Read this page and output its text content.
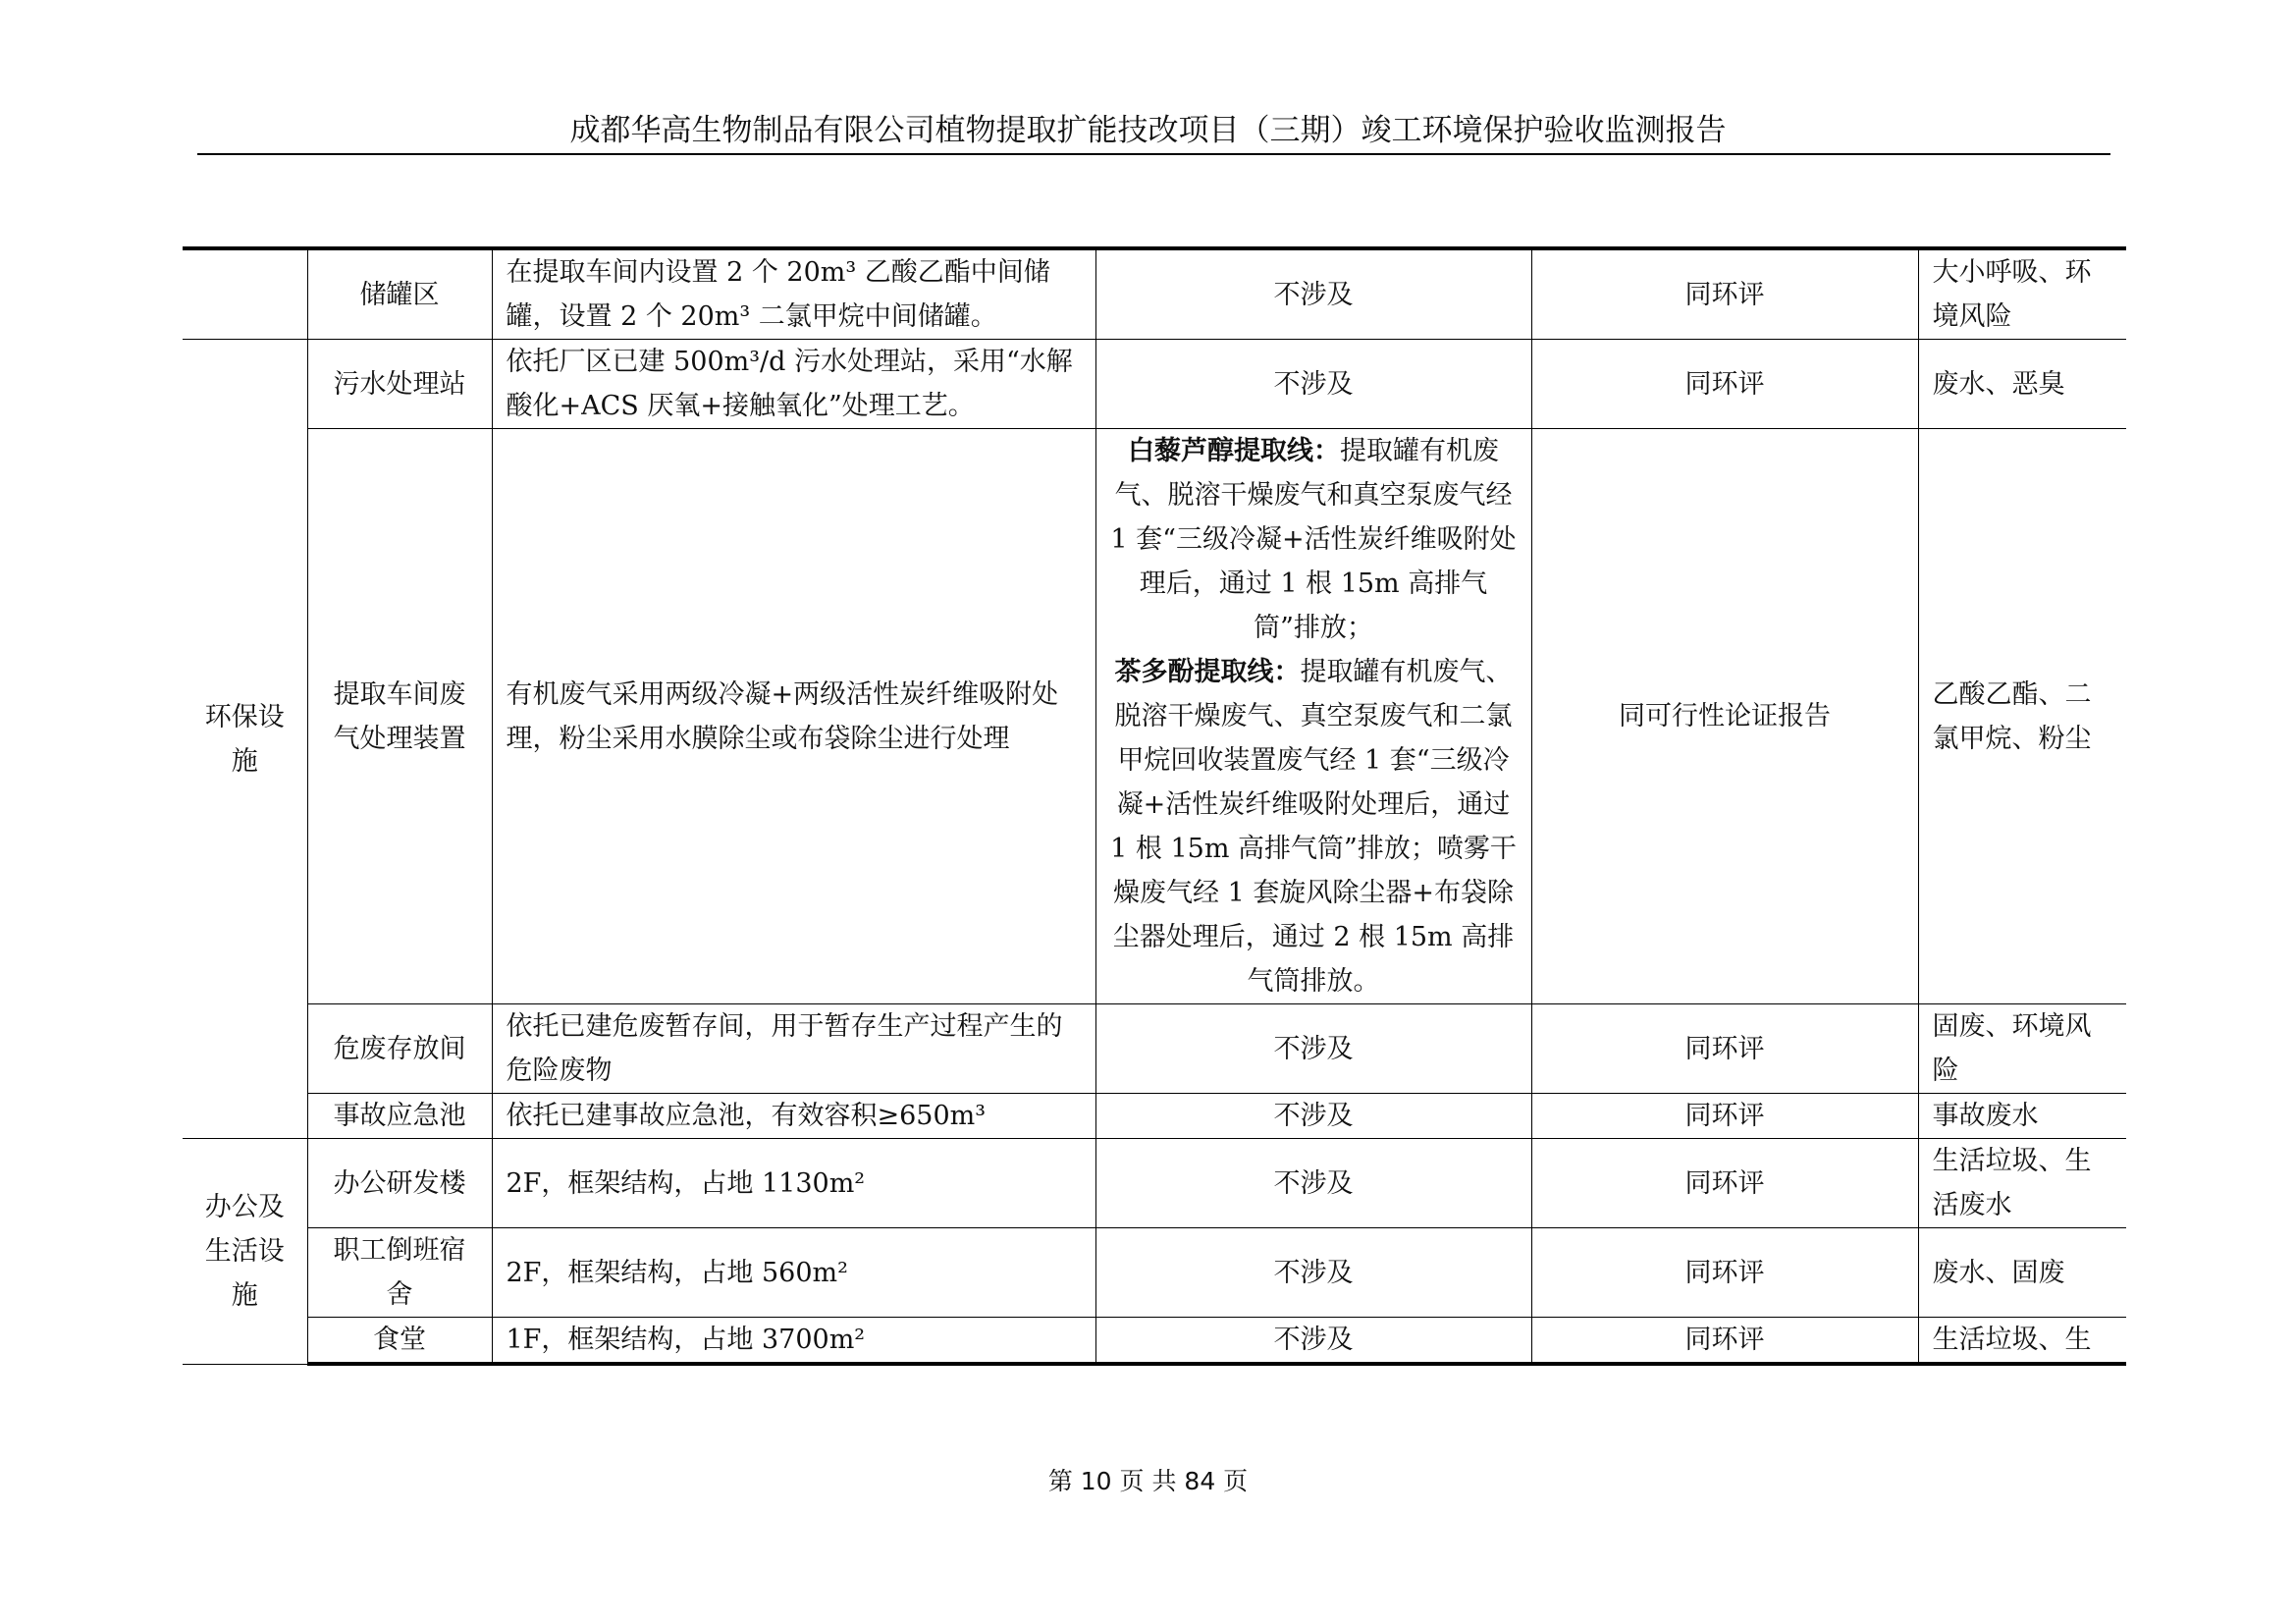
成都华高生物制品有限公司植物提取扩能技改项目（三期）竣工环境保护验收监测报告
	储罐区	在提取车间内设置 2 个 20m³ 乙酸乙酯中间储罐，设置 2 个 20m³ 二氯甲烷中间储罐。	不涉及	同环评	大小呼吸、环境风险
环保设施	污水处理站	依托厂区已建 500m³/d 污水处理站，采用“水解酸化+ACS 厌氧+接触氧化”处理工艺。	不涉及	同环评	废水、恶臭
	提取车间废气处理装置	有机废气采用两级冷凝+两级活性炭纤维吸附处理，粉尘采用水膜除尘或布袋除尘进行处理	白藜芦醇提取线：提取罐有机废气、脱溶干燥废气和真空泵废气经 1 套“三级冷凝+活性炭纤维吸附处理后，通过 1 根 15m 高排气筒”排放；
茶多酚提取线：提取罐有机废气、脱溶干燥废气、真空泵废气和二氯甲烷回收装置废气经 1 套“三级冷凝+活性炭纤维吸附处理后，通过 1 根 15m 高排气筒”排放；喷雾干燥废气经 1 套旋风除尘器+布袋除尘器处理后，通过 2 根 15m 高排气筒排放。	同可行性论证报告	乙酸乙酯、二氯甲烷、粉尘
	危废存放间	依托已建危废暂存间，用于暂存生产过程产生的危险废物	不涉及	同环评	固废、环境风险
	事故应急池	依托已建事故应急池，有效容积≥650m³	不涉及	同环评	事故废水
办公及生活设施	办公研发楼	2F，框架结构，占地 1130m²	不涉及	同环评	生活垃圾、生活废水
	职工倒班宿舍	2F，框架结构，占地 560m²	不涉及	同环评	废水、固废
	食堂	1F，框架结构，占地 3700m²	不涉及	同环评	生活垃圾、生
第 10 页 共 84 页
